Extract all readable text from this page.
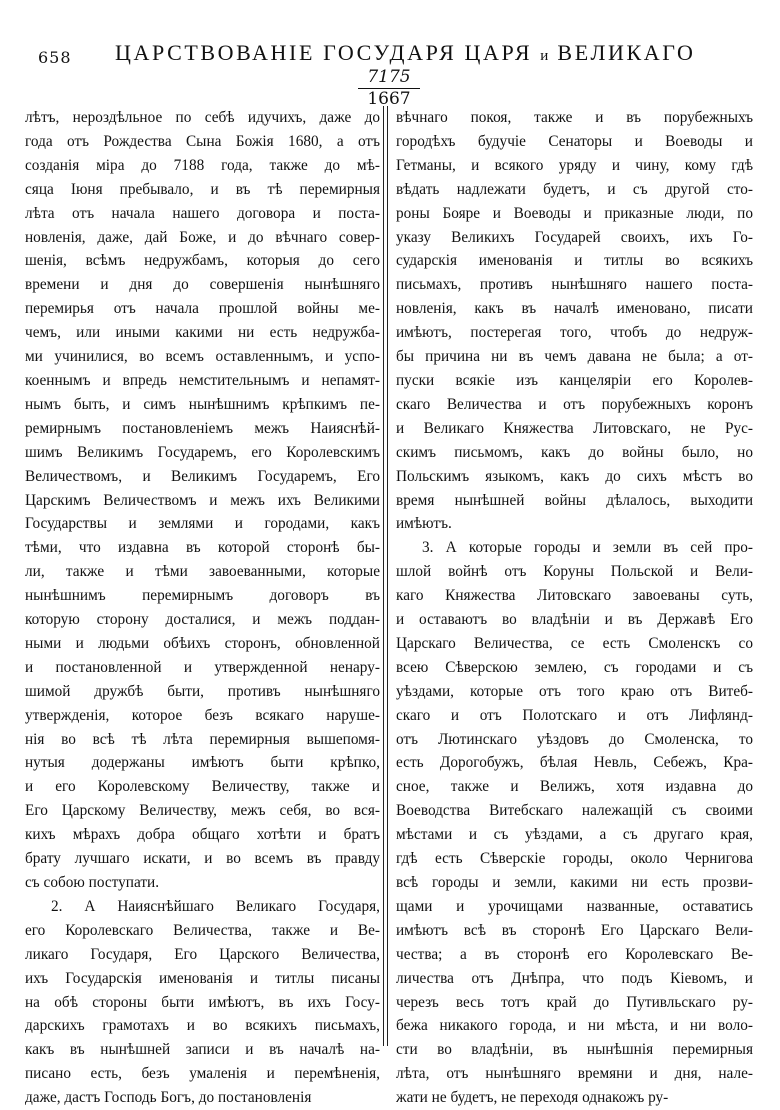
658 ЦАРСТВОВАНІЕ ГОСУДАРЯ ЦАРЯ и ВЕЛИКАГО
$\frac{7175}{1667}$
лѣтъ, нероздѣльное по себѣ идучихъ, даже до
года отъ Рождества Сына Божія 1680, а отъ
созданія міра до 7188 года, также до мѣ-
сяца Іюня пребывало, и въ тѣ перемирныя
лѣта отъ начала нашего договора и поста-
новленія, даже, дай Боже, и до вѣчнаго совер-
шенія, всѣмъ недружбамъ, которыя до сего
времени и дня до совершенія нынѣшняго
перемирья отъ начала прошлой войны ме-
чемъ, или иными какими ни есть недружба-
ми учинилися, во всемъ оставленнымъ, и успо-
коеннымъ и впредь немстительнымъ и непамят-
нымъ быть, и симъ нынѣшнимъ крѣпкимъ пе-
ремирнымъ постановленіемъ межъ Наияснѣй-
шимъ Великимъ Государемъ, его Королевскимъ
Величествомъ, и Великимъ Государемъ, Его
Царскимъ Величествомъ и межъ ихъ Великими
Государствы и землями и городами, какъ
тѣми, что издавна въ которой сторонѣ бы-
ли, также и тѣми завоеванными, которые
нынѣшнимъ перемирнымъ договоръ въ
которую сторону досталися, и межъ поддан-
ными и людьми обѣихъ сторонъ, обновленной
и постановленной и утвержденной ненару-
шимой дружбѣ быти, противъ нынѣшняго
утвержденія, которое безъ всякаго нарушe-
нія во всѣ тѣ лѣта перемирныя вышепомя-
нутыя додержаны имѣютъ быти крѣпко,
и его Королевскому Величеству, также и
Его Царскому Величеству, межъ себя, во вся-
кихъ мѣрахъ добра общаго хотѣти и братъ
брату лучшаго искати, и во всемъ въ правду
съ собою поступати.
2. А Наияснѣйшаго Великаго Государя,
его Королевскаго Величества, также и Ве-
ликаго Государя, Его Царского Величества,
ихъ Государскія именованія и титлы писаны
на обѣ стороны быти имѣютъ, въ ихъ Госу-
дарскихъ грамотахъ и во всякихъ письмахъ,
какъ въ нынѣшней записи и въ началѣ на-
писано есть, безъ умаленія и перемѣненія,
даже, дастъ Господь Богъ, до постановленія
вѣчнаго покоя, также и въ порубежныхъ
городѣхъ будучіе Сенаторы и Воеводы и
Гетманы, и всякого уряду и чину, кому гдѣ
вѣдать надлежати будетъ, и съ другой сто-
роны Бояре и Воеводы и приказные люди, по
указу Великихъ Государей своихъ, ихъ Го-
сударскія именованія и титлы во всякихъ
письмахъ, противъ нынѣшняго нашего поста-
новленія, какъ въ началѣ именовано, писати
имѣютъ, постерегая того, чтобъ до недруж-
бы причина ни въ чемъ давана не была; а от-
пуски всякіе изъ канцеляріи его Королев-
скаго Величества и отъ порубежныхъ коронъ
и Великаго Княжества Литовскаго, не Рус-
скимъ письмомъ, какъ до войны было, но
Польскимъ языкомъ, какъ до сихъ мѣстъ во
время нынѣшней войны дѣлалось, выходити
имѣютъ.
3. А которые городы и земли въ сей про-
шлой войнѣ отъ Коруны Польской и Вели-
каго Княжества Литовскаго завоеваны суть,
и оставаютъ во владѣніи и въ Державѣ Его
Царскаго Величества, се есть Смоленскъ со
всею Сѣверскою землею, съ городами и съ
уѣздами, которые отъ того краю отъ Витеб-
скаго и отъ Полотскаго и отъ Лифлянд-
отъ Лютинскаго уѣздовъ до Смоленска, то
есть Дорогобужъ, бѣлая Невль, Себежъ, Кра-
сное, также и Велижъ, хотя издавна до
Воеводства Витебскаго належащій съ своими
мѣстами и съ уѣздами, а съ другаго края,
гдѣ есть Сѣверскіе городы, около Чернигова
всѣ городы и земли, какими ни есть прозви-
щами и урочищами названные, оставатись
имѣютъ всѣ въ сторонѣ Его Царскаго Вели-
чества; а въ сторонѣ его Королевскаго Ве-
личества отъ Днѣпра, что подъ Кіевомъ, и
черезъ весь тотъ край до Путивльскаго ру-
бежа никакого города, и ни мѣста, и ни воло-
сти во владѣніи, въ нынѣшнія перемирныя
лѣта, отъ нынѣшняго времяни и дня, нале-
жати не будетъ, не переходя однакожъ ру-
